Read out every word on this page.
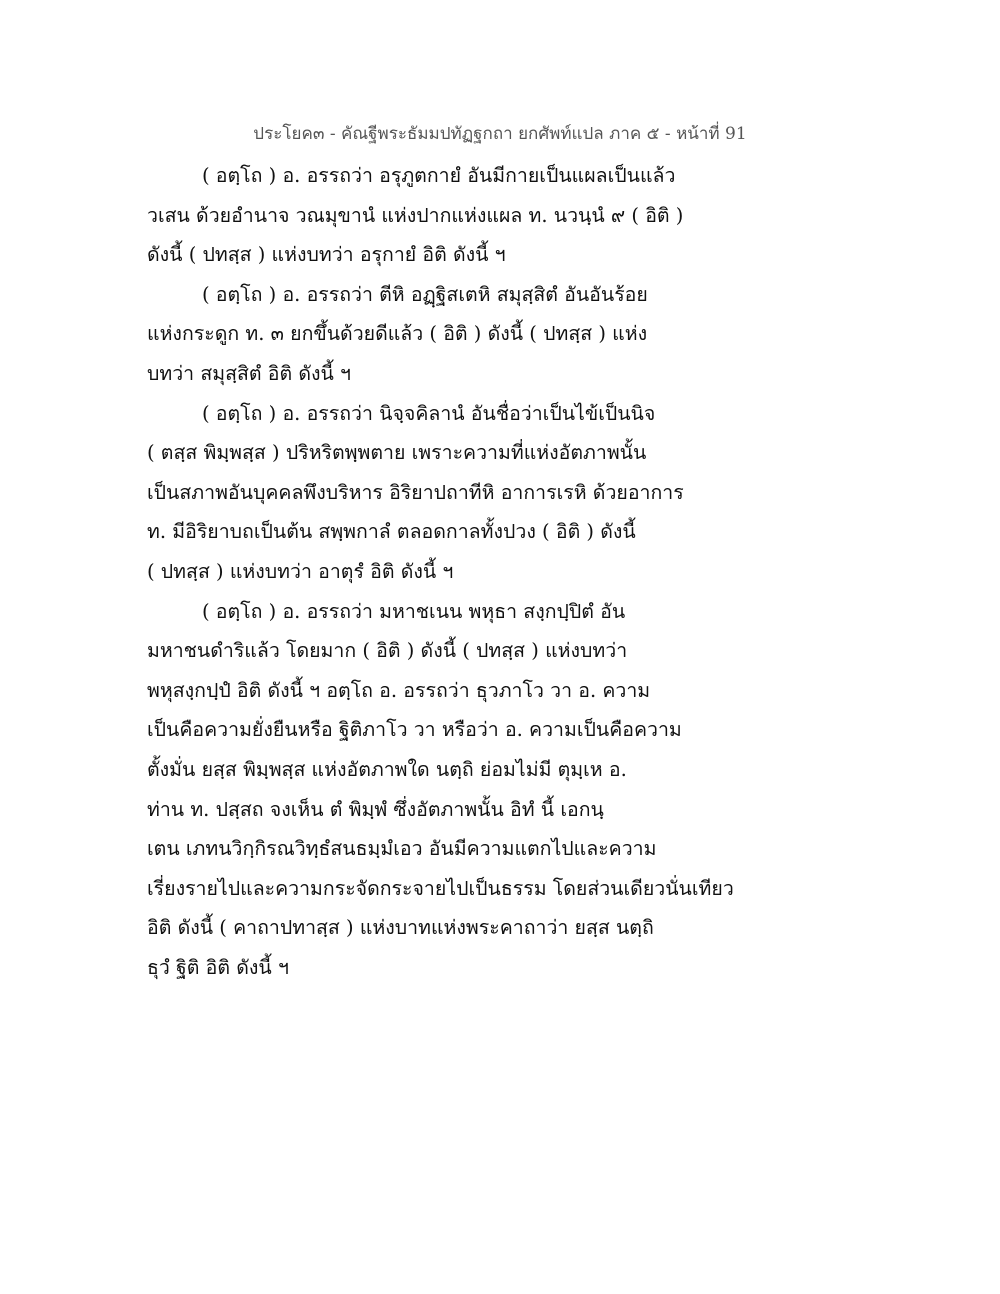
ประโยค๓ - คัณฐีพระธัมมปทัฏฐกถา ยกศัพท์แปล ภาค ๕ - หน้าที่ 91
( อตฺโถ ) อ. อรรถว่า อรุภูตกายํ อันมีกายเป็นแผลเป็นแล้ว
วเสน ด้วยอำนาจ วณมุขานํ แห่งปากแห่งแผล ท. นวนฺนํ ๙ ( อิติ )
ดังนี้ ( ปทสฺส ) แห่งบทว่า อรุกายํ อิติ ดังนี้ ฯ
( อตฺโถ ) อ. อรรถว่า ตีหิ อฏฺฐิสเตหิ สมุสฺสิตํ อันอันร้อย
แห่งกระดูก ท. ๓ ยกขึ้นด้วยดีแล้ว ( อิติ ) ดังนี้ ( ปทสฺส ) แห่ง
บทว่า สมุสฺสิตํ อิติ ดังนี้ ฯ
( อตฺโถ ) อ. อรรถว่า นิจฺจคิลานํ อันชื่อว่าเป็นไข้เป็นนิจ
( ตสฺส พิมฺพสฺส ) ปริหริตพฺพตาย เพราะความที่แห่งอัตภาพนั้น
เป็นสภาพอันบุคคลพึงบริหาร อิริยาปถาทีหิ อาการเรหิ ด้วยอาการ
ท. มีอิริยาบถเป็นต้น สพฺพกาลํ ตลอดกาลทั้งปวง ( อิติ ) ดังนี้
( ปทสฺส ) แห่งบทว่า อาตุรํ อิติ ดังนี้ ฯ
( อตฺโถ ) อ. อรรถว่า มหาชเนน พหุธา สงฺกปฺปิตํ อัน
มหาชนดำริแล้ว โดยมาก ( อิติ ) ดังนี้ ( ปทสฺส ) แห่งบทว่า
พหุสงฺกปฺปํ อิติ ดังนี้ ฯ อตฺโถ อ. อรรถว่า ธุวภาโว วา อ. ความ
เป็นคือความยั่งยืนหรือ ฐิติภาโว วา หรือว่า อ. ความเป็นคือความ
ตั้งมั่น ยสฺส พิมฺพสฺส แห่งอัตภาพใด นตฺถิ ย่อมไม่มี ตุมฺเห อ.
ท่าน ท. ปสฺสถ จงเห็น ตํ พิมฺพํ ซึ่งอัตภาพนั้น อิทํ นี้ เอกนฺ
เตน เภทนวิกฺกิรณวิทฺธํสนธมฺมํเอว อันมีความแตกไปและความ
เรี่ยงรายไปและความกระจัดกระจายไปเป็นธรรม โดยส่วนเดียวนั่นเทียว
อิติ ดังนี้ ( คาถาปทาสฺส ) แห่งบาทแห่งพระคาถาว่า ยสฺส นตฺถิ
ธุวํ ฐิติ อิติ ดังนี้ ฯ
